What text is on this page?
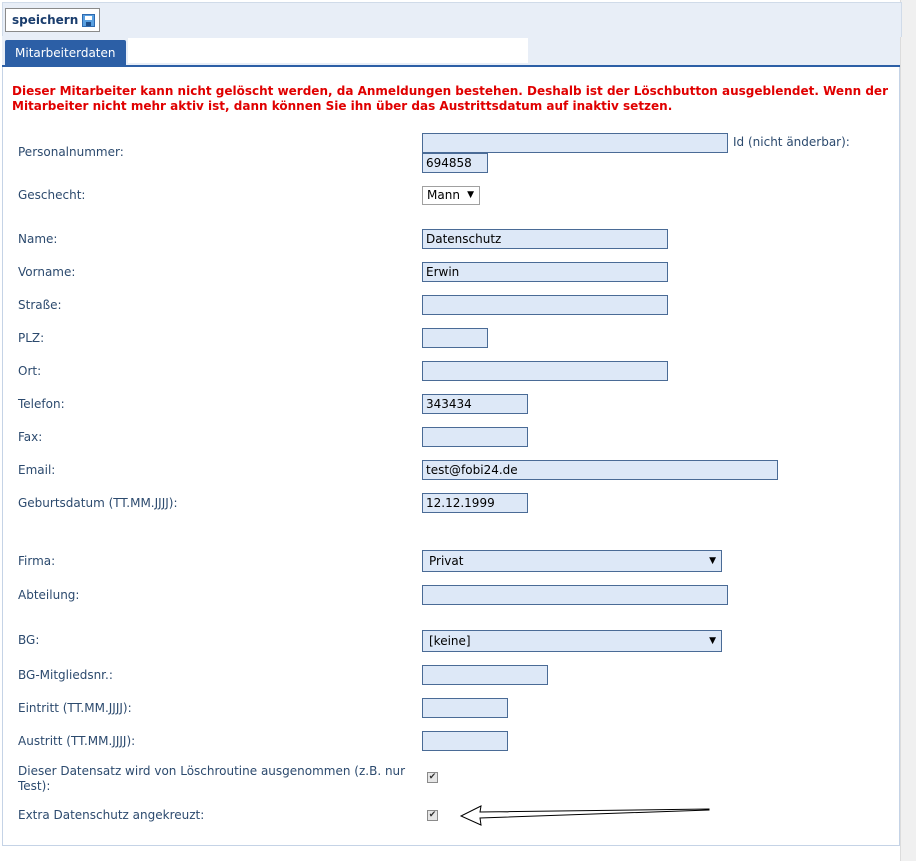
speichern
Mitarbeiterdaten
Dieser Mitarbeiter kann nicht gelöscht werden, da Anmeldungen bestehen. Deshalb ist der Löschbutton ausgeblendet. Wenn der Mitarbeiter nicht mehr aktiv ist, dann können Sie ihn über das Austrittsdatum auf inaktiv setzen.
Personalnummer:
Id (nicht änderbar):
694858
Geschecht:	Mann ▼
Name:	Datenschutz
Vorname:	Erwin
Straße:
PLZ:
Ort:
Telefon:	343434
Fax:
Email:	test@fobi24.de
Geburtsdatum (TT.MM.JJJJ):	12.12.1999
Firma:	Privat	▼
Abteilung:
BG:	[keine]	▼
BG-Mitgliedsnr.:
Eintritt (TT.MM.JJJJ):
Austritt (TT.MM.JJJJ):
Dieser Datensatz wird von Löschroutine ausgenommen (z.B. nur Test):
✔
Extra Datenschutz angekreuzt:	✔
